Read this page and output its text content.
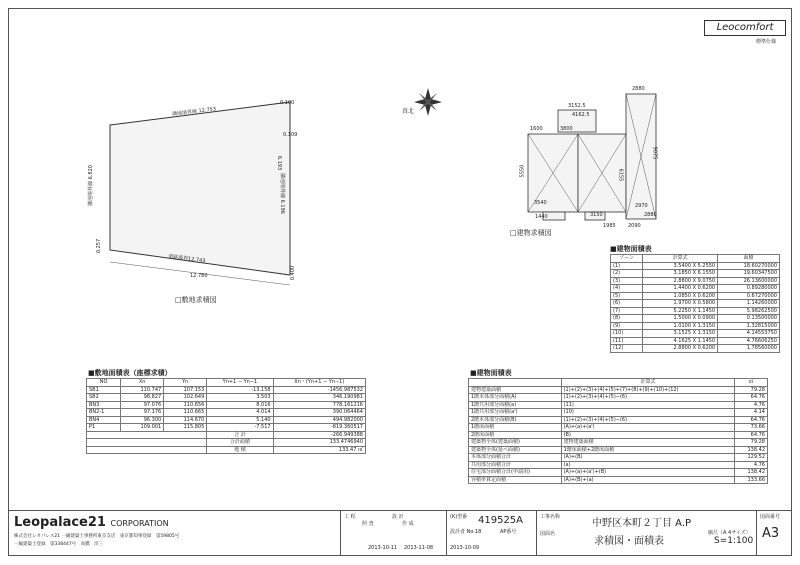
Leocomfort
標準仕様
隣地境界線 12.753
隣地境界線 6.820	隣地境界線 6.196
道路境界12.743
12.780
0.100
0.109
0.257
0.400
6.193
□敷地求積図
真北
3152.5
4162.5
3540
1440	3150
1985
2880
2090
2880
9075
5550	6155
2970
1600	3800
□建物求積図
■建物面積表
ゾーン	計算式	面積
(1)	3.5400 X 5.2550	18.60270000
(2)	3.1850 X 6.1550	19.60347500
(3)	2.8800 X 9.0750	26.13600000
(4)	1.4400 X 0.6200	0.89280000
(5)	1.0850 X 0.6200	0.67270000
(6)	1.9700 X 0.5800	1.14260000
(7)	5.2250 X 1.1450	5.98262500
(8)	1.5000 X 0.0900	0.13500000
(9)	1.0100 X 1.3150	1.32815000
(10)	3.1525 X 1.3150	4.14553750
(11)	4.1625 X 1.1450	4.76606250
(12)	2.8800 X 0.6200	1.78560000
■敷地面積表（座標求積）
NO	Xn	Yn	Yn+1 − Yn−1	Xn・(Yn+1 − Yn−1)
SB1	110.747	107.153	-13.158	-1456.987532
SB2	98.827	102.649	3.503	346.190981
BN3	97.076	110.656	8.016	778.161216
BN2-1	97.176	110.665	4.014	390.064464
BN4	96.300	114.670	5.140	494.982000
P1	109.001	115.805	-7.517	-819.360517
			合 計	-266.949388
			合計面積	133.4746940
			地 積	133.47 ㎡
■建物面積表
	計算式	㎡
建物建築面積	(1)+(2)+(3)+(4)+(5)+(7)+(8)+(9)+(10)+(12)	79.28
1階本体部分面積(A)	(1)+(2)+(3)+(4)+(5)−(6)	64.76
1階共用部分面積(a)	(11)	4.76
1階共用部分面積(a')	(10)	4.14
2階本体部分面積(B)	(1)+(2)+(3)+(4)+(5)−(6)	64.76
1階床面積	(A)+(a)+(a')	73.66
2階床面積	(B)	64.76
建築物全体(建築面積)	建物建築面積	79.28
建築物全体(延べ面積)	1階床面積+2階床面積	138.42
本体部分面積合計	(A)+(B)	129.52
共用部分面積合計	(a)	4.76
住宅部分面積合計(申請用)	(A)+(a)+(a')+(B)	138.42
容積率算定面積	(A)+(B)+(a)	133.66
Leopalace21 CORPORATION
株式会社レオパレス21 一級建築士事務所東京支店　東京都知事登録　第59805号
一級建築士登録　第338447号　高橋　洋三
工 程	設 計
照 査	作 成
2013-10-11 2013-11-08	2013-10-09
(K)型番 419525A
設計者 No.18	AP番号
工事名称
中野区本町２丁目 A.P
図面名
求積図・面積表
縮尺（A 4サイズ）
S=1:100
図面番号
A3
